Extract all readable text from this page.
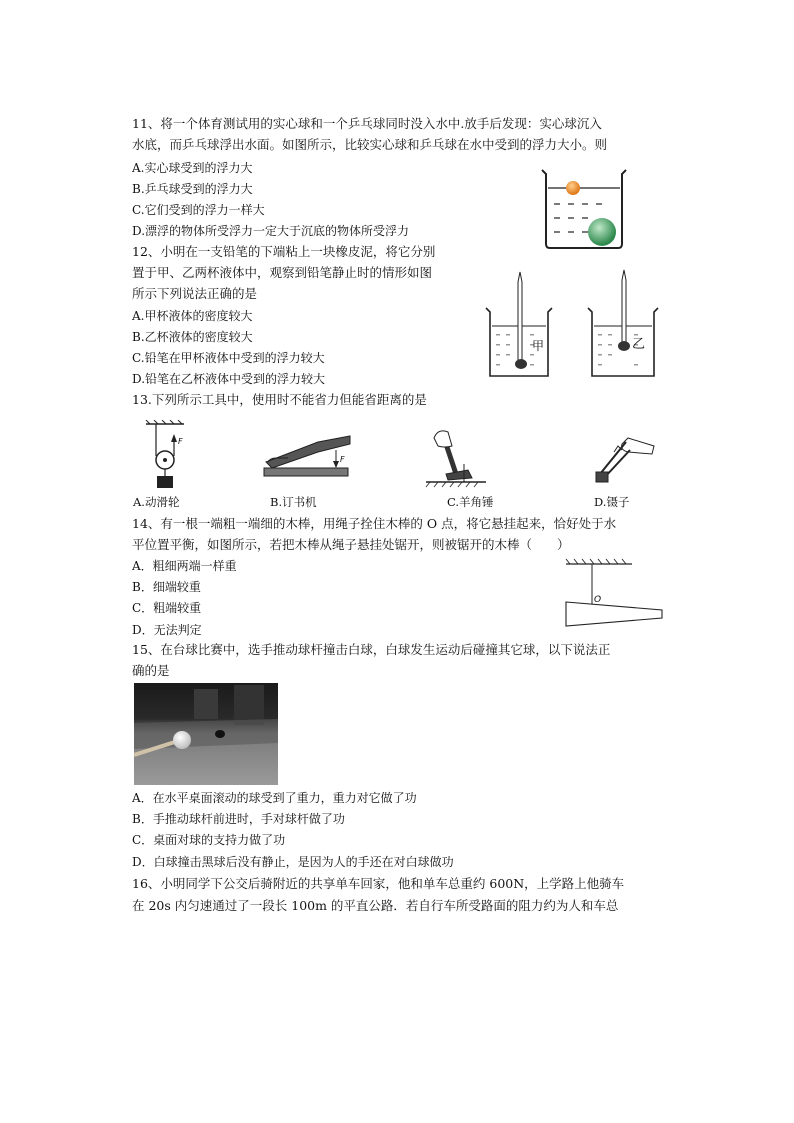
11、将一个体育测试用的实心球和一个乒乓球同时没入水中.放手后发现：实心球沉入
水底，而乒乓球浮出水面。如图所示，比较实心球和乒乓球在水中受到的浮力大小。则
A.实心球受到的浮力大
B.乒乓球受到的浮力大
C.它们受到的浮力一样大
D.漂浮的物体所受浮力一定大于沉底的物体所受浮力
12、小明在一支铅笔的下端粘上一块橡皮泥，将它分别
置于甲、乙两杯液体中，观察到铅笔静止时的情形如图
所示下列说法正确的是
A.甲杯液体的密度较大
B.乙杯液体的密度较大
C.铅笔在甲杯液体中受到的浮力较大
D.铅笔在乙杯液体中受到的浮力较大
甲	乙
13.下列所示工具中，使用时不能省力但能省距离的是
F
F
A.动滑轮	B.订书机	C.羊角锤	D.镊子
14、有一根一端粗一端细的木棒，用绳子拴住木棒的 O 点，将它悬挂起来，恰好处于水
平位置平衡，如图所示，若把木棒从绳子悬挂处锯开，则被锯开的木棒（　　）
A．粗细两端一样重
B．细端较重
C．粗端较重
D．无法判定
O
15、在台球比赛中，选手推动球杆撞击白球，白球发生运动后碰撞其它球，以下说法正
确的是
A．在水平桌面滚动的球受到了重力，重力对它做了功
B．手推动球杆前进时，手对球杆做了功
C．桌面对球的支持力做了功
D．白球撞击黑球后没有静止，是因为人的手还在对白球做功
16、小明同学下公交后骑附近的共享单车回家，他和单车总重约 600N，上学路上他骑车
在 20s 内匀速通过了一段长 100m 的平直公路．若自行车所受路面的阻力约为人和车总
